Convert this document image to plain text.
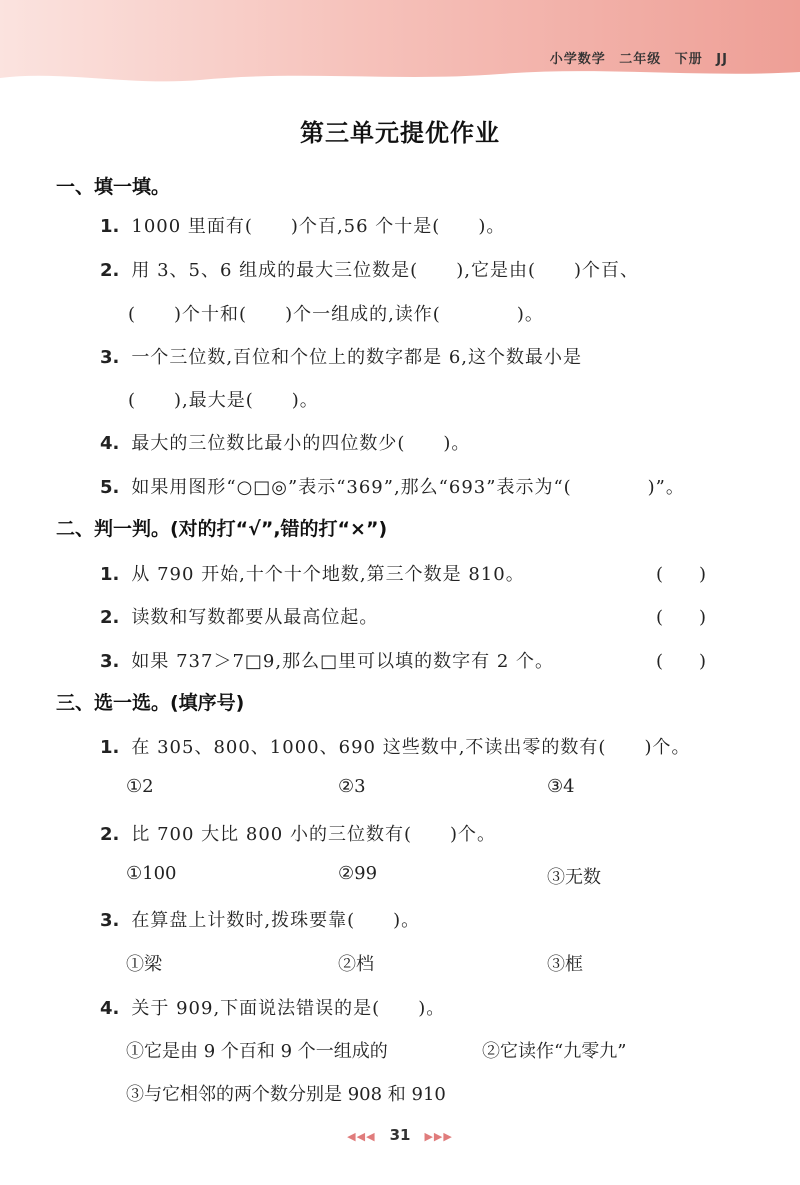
小学数学 二年级 下册 JJ
第三单元提优作业
一、填一填。
1. 1000 里面有(　　)个百,56 个十是(　　)。
2. 用 3、5、6 组成的最大三位数是(　　),它是由(　　)个百、
(　　)个十和(　　)个一组成的,读作(　　　　)。
3. 一个三位数,百位和个位上的数字都是 6,这个数最小是
(　　),最大是(　　)。
4. 最大的三位数比最小的四位数少(　　)。
5. 如果用图形“○□◎”表示“369”,那么“693”表示为“(　　　　)”。
二、判一判。(对的打“√”,错的打“×”)
1. 从 790 开始,十个十个地数,第三个数是 810。	(　　)
2. 读数和写数都要从最高位起。	(　　)
3. 如果 737＞7□9,那么□里可以填的数字有 2 个。	(　　)
三、选一选。(填序号)
1. 在 305、800、1000、690 这些数中,不读出零的数有(　　)个。
①2	②3	③4
2. 比 700 大比 800 小的三位数有(　　)个。
①100	②99	③无数
3. 在算盘上计数时,拨珠要靠(　　)。
①梁	②档	③框
4. 关于 909,下面说法错误的是(　　)。
①它是由 9 个百和 9 个一组成的	②它读作“九零九”
③与它相邻的两个数分别是 908 和 910
◀◀◀ 31 ▶▶▶
